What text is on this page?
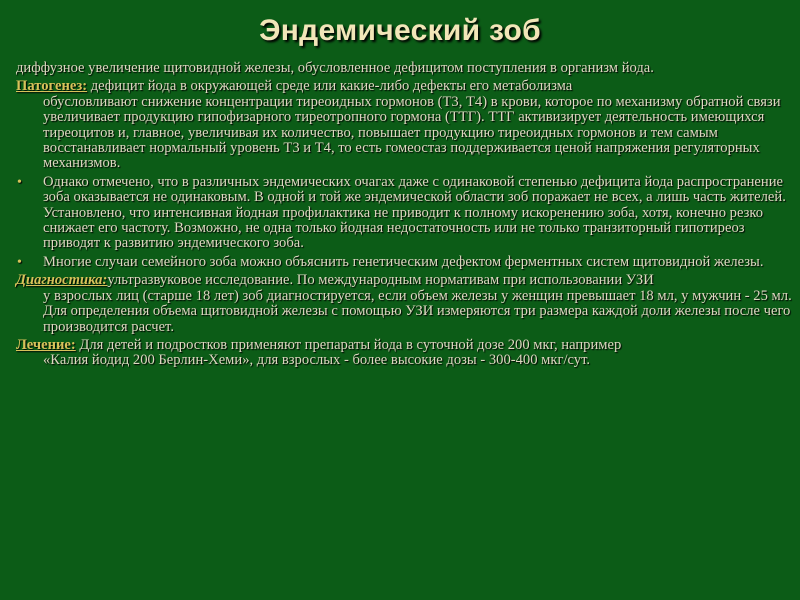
Эндемический зоб
диффузное увеличение щитовидной железы, обусловленное дефицитом поступления в организм йода.
Патогенез: дефицит йода в окружающей среде или какие-либо дефекты его метаболизма
обусловливают снижение концентрации тиреоидных гормонов (Т3, Т4) в крови, которое по механизму обратной связи увеличивает продукцию гипофизарного тиреотропного гормона (ТТГ). ТТГ активизирует деятельность имеющихся тиреоцитов и, главное, увеличивая их количество, повышает продукцию тиреоидных гормонов и тем самым восстанавливает нормальный уровень Т3 и Т4, то есть гомеостаз поддерживается ценой напряжения регуляторных механизмов.
• Однако отмечено, что в различных эндемических очагах даже с одинаковой степенью дефицита йода распространение зоба оказывается не одинаковым. В одной и той же эндемической области зоб поражает не всех, а лишь часть жителей. Установлено, что интенсивная йодная профилактика не приводит к полному искоренению зоба, хотя, конечно резко снижает его частоту. Возможно, не одна только йодная недостаточность или не только транзиторный гипотиреоз приводят к развитию эндемического зоба.
• Многие случаи семейного зоба можно объяснить генетическим дефектом ферментных систем щитовидной железы.
Диагностика:ультразвуковое исследование. По международным нормативам при использовании УЗИ
у взрослых лиц (старше 18 лет) зоб диагностируется, если объем железы у женщин превышает 18 мл, у мужчин - 25 мл. Для определения объема щитовидной железы с помощью УЗИ измеряются три размера каждой доли железы после чего производится расчет.
Лечение: Для детей и подростков применяют препараты йода в суточной дозе 200 мкг, например
«Калия йодид 200 Берлин-Хеми», для взрослых - более высокие дозы - 300-400 мкг/сут.
